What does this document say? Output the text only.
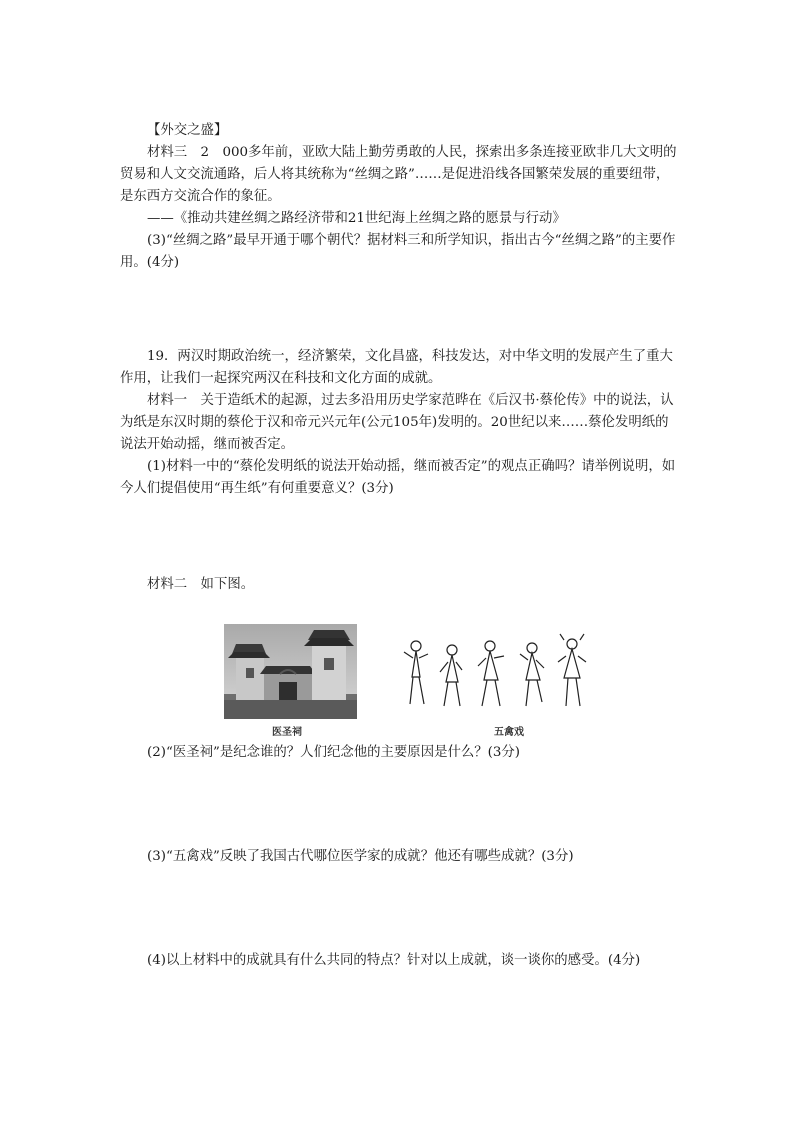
【外交之盛】

材料三　2　000多年前，亚欧大陆上勤劳勇敢的人民，探索出多条连接亚欧非几大文明的贸易和人文交流通路，后人将其统称为“丝绸之路”……是促进沿线各国繁荣发展的重要纽带，是东西方交流合作的象征。

——《推动共建丝绸之路经济带和21世纪海上丝绸之路的愿景与行动》

(3)“丝绸之路”最早开通于哪个朝代？据材料三和所学知识，指出古今“丝绸之路”的主要作用。(4分)

19．两汉时期政治统一，经济繁荣，文化昌盛，科技发达，对中华文明的发展产生了重大作用，让我们一起探究两汉在科技和文化方面的成就。

材料一　关于造纸术的起源，过去多沿用历史学家范晔在《后汉书·蔡伦传》中的说法，认为纸是东汉时期的蔡伦于汉和帝元兴元年(公元105年)发明的。20世纪以来……蔡伦发明纸的说法开始动摇，继而被否定。

(1)材料一中的“蔡伦发明纸的说法开始动摇，继而被否定”的观点正确吗？请举例说明，如今人们提倡使用“再生纸”有何重要意义？(3分)

材料二　如下图。

医圣祠	五禽戏

(2)“医圣祠”是纪念谁的？人们纪念他的主要原因是什么？(3分)

(3)“五禽戏”反映了我国古代哪位医学家的成就？他还有哪些成就？(3分)

(4)以上材料中的成就具有什么共同的特点？针对以上成就，谈一谈你的感受。(4分)
